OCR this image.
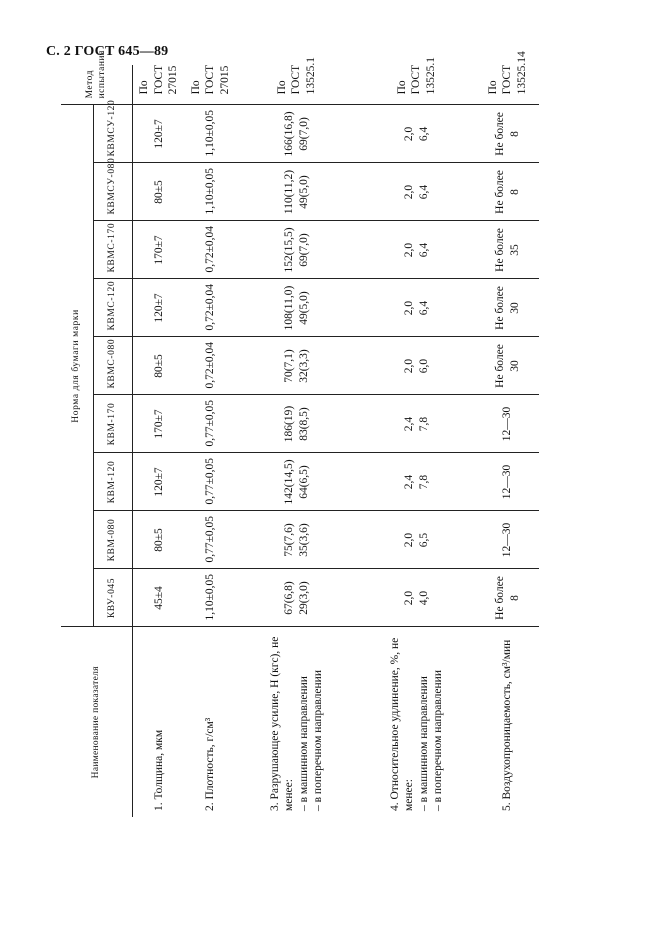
С. 2 ГОСТ 645—89
Наименование показателя	Норма для бумаги марки									Метод испытания
	КВУ-045	КВМ-080	КВМ-120	КВМ-170	КВМС-080	КВМС-120	КВМС-170	КВМСУ-080	КВМСУ-120	
1. Толщина, мкм	45±4	80±5	120±7	170±7	80±5	120±7	170±7	80±5	120±7	По ГОСТ 27015
2. Плотность, г/см³	1,10±0,05	0,77±0,05	0,77±0,05	0,77±0,05	0,72±0,04	0,72±0,04	0,72±0,04	1,10±0,05	1,10±0,05	По ГОСТ 27015

3. Разрушающее усилие, Н (кгс), не менее: – в машинном направлении – в поперечном направлении	67(6,8) 29(3,0)	75(7,6) 35(3,6)	142(14,5) 64(6,5)	186(19) 83(8,5)	70(7,1) 32(3,3)	108(11,0) 49(5,0)	152(15,5) 69(7,0)	110(11,2) 49(5,0)	166(16,8) 69(7,0)	По ГОСТ 13525.1

4. Относительное удлинение, %, не менее: – в машинном направлении – в поперечном направлении	2,0 4,0	2,0 6,5	2,4 7,8	2,4 7,8	2,0 6,0	2,0 6,4	2,0 6,4	2,0 6,4	2,0 6,4	По ГОСТ 13525.1
5. Воздухопроницаемость, см³/мин	Не более 8	12—30	12—30	12—30	Не более 30	Не более 30	Не более 35	Не более 8	Не более 8	По ГОСТ 13525.14
